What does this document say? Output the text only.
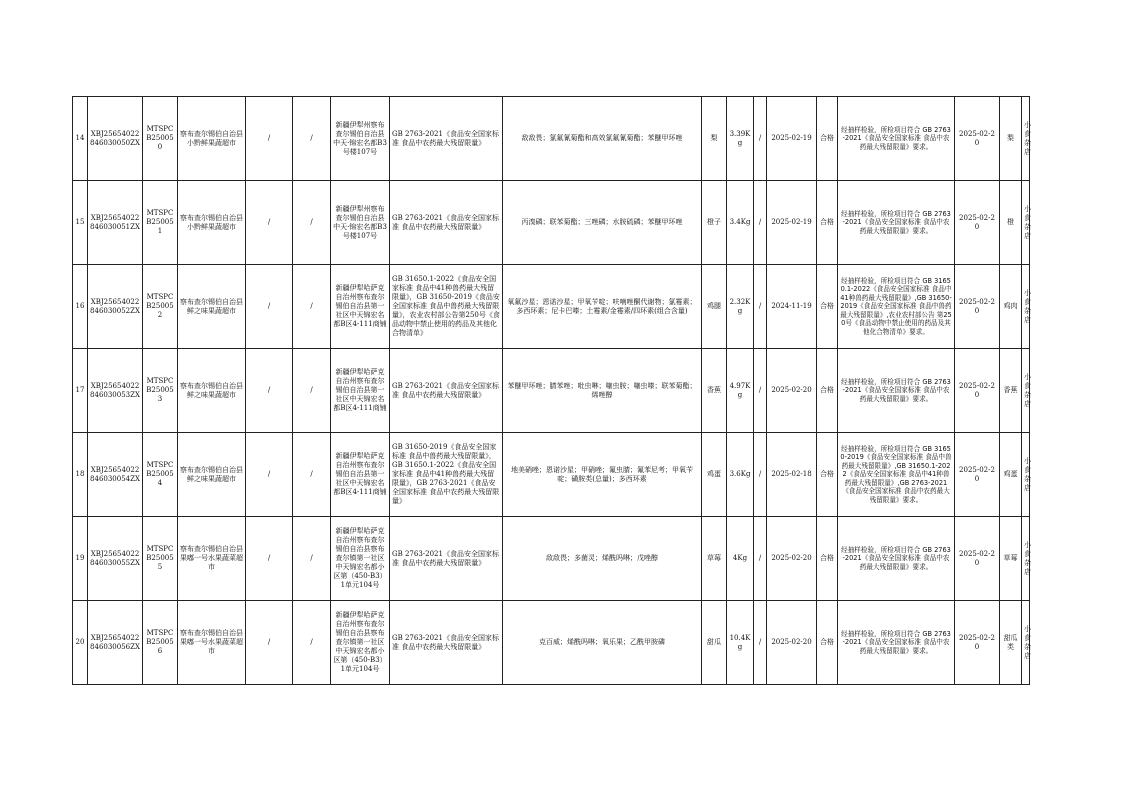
14	XBJ25654022846030050ZX	MTSPCB250050	察布查尔锡伯自治县小黔鲜果蔬超市	/	/	新疆伊犁州察布查尔锡伯自治县中天·锦宏名都B3号楼107号	GB 2763-2021《食品安全国家标准 食品中农药最大残留限量》	敌敌畏；氯氟氰菊酯和高效氯氟氰菊酯；苯醚甲环唑	梨	3.39Kg	/	2025-02-19	合格	经抽样检验，所检项目符合 GB 2763-2021《食品安全国家标准 食品中农药最大残留限量》要求。	2025-02-20	梨	小食杂店
15	XBJ25654022846030051ZX	MTSPCB250051	察布查尔锡伯自治县小黔鲜果蔬超市	/	/	新疆伊犁州察布查尔锡伯自治县中天·锦宏名都B3号楼107号	GB 2763-2021《食品安全国家标准 食品中农药最大残留限量》	丙溴磷；联苯菊酯；三唑磷；水胺硫磷；苯醚甲环唑	橙子	3.4Kg	/	2025-02-19	合格	经抽样检验，所检项目符合 GB 2763-2021《食品安全国家标准 食品中农药最大残留限量》要求。	2025-02-20	橙	小食杂店
16	XBJ25654022846030052ZX	MTSPCB250052	察布查尔锡伯自治县鲜之味果蔬超市	/	/	新疆伊犁哈萨克自治州察布查尔锡伯自治县第一社区中天锦宏名都B区4-111商铺	GB 31650.1-2022《食品安全国家标准 食品中41种兽药最大残留限量》，GB 31650-2019《食品安全国家标准 食品中兽药最大残留限量》，农业农村部公告第250号《食品动物中禁止使用的药品及其他化合物清单》	氧氟沙星；恩诺沙星；甲氧苄啶；呋喃唑酮代谢物；氯霉素；多西环素；尼卡巴嗪；土霉素/金霉素/四环素(组合含量)	鸡腿	2.32Kg	/	2024-11-19	合格	经抽样检验，所检项目符合 GB 31650.1-2022《食品安全国家标准 食品中41种兽药最大残留限量》,GB 31650-2019《食品安全国家标准 食品中兽药最大残留限量》,农业农村部公告 第250号《食品动物中禁止使用的药品及其他化合物清单》要求。	2025-02-20	鸡肉	小食杂店
17	XBJ25654022846030053ZX	MTSPCB250053	察布查尔锡伯自治县鲜之味果蔬超市	/	/	新疆伊犁哈萨克自治州察布查尔锡伯自治县第一社区中天锦宏名都B区4-111商铺	GB 2763-2021《食品安全国家标准 食品中农药最大残留限量》	苯醚甲环唑；腈苯唑；吡虫啉；噻虫胺；噻虫嗪；联苯菊酯；烯唑醇	香蕉	4.97Kg	/	2025-02-20	合格	经抽样检验，所检项目符合 GB 2763-2021《食品安全国家标准 食品中农药最大残留限量》要求。	2025-02-20	香蕉	小食杂店
18	XBJ25654022846030054ZX	MTSPCB250054	察布查尔锡伯自治县鲜之味果蔬超市	/	/	新疆伊犁哈萨克自治州察布查尔锡伯自治县第一社区中天锦宏名都B区4-111商铺	GB 31650-2019《食品安全国家标准 食品中兽药最大残留限量》，GB 31650.1-2022《食品安全国家标准 食品中41种兽药最大残留限量》，GB 2763-2021《食品安全国家标准 食品中农药最大残留限量》	地美硝唑；恩诺沙星；甲硝唑；氟虫腈；氟苯尼考；甲氧苄啶；磺胺类(总量)；多西环素	鸡蛋	3.6Kg	/	2025-02-18	合格	经抽样检验，所检项目符合 GB 31650-2019《食品安全国家标准 食品中兽药最大残留限量》,GB 31650.1-2022《食品安全国家标准 食品中41种兽药最大残留限量》,GB 2763-2021《食品安全国家标准 食品中农药最大残留限量》要求。	2025-02-20	鸡蛋	小食杂店
19	XBJ25654022846030055ZX	MTSPCB250055	察布查尔锡伯自治县果嘟一号水果蔬菜超市	/	/	新疆伊犁哈萨克自治州察布查尔锡伯自治县察布查尔镇第一社区中天锦宏名都小区第（450-B3）1单元104号	GB 2763-2021《食品安全国家标准 食品中农药最大残留限量》	敌敌畏；多菌灵；烯酰吗啉；戊唑醇	草莓	4Kg	/	2025-02-20	合格	经抽样检验，所检项目符合 GB 2763-2021《食品安全国家标准 食品中农药最大残留限量》要求。	2025-02-20	草莓	小食杂店
20	XBJ25654022846030056ZX	MTSPCB250056	察布查尔锡伯自治县果嘟一号水果蔬菜超市	/	/	新疆伊犁哈萨克自治州察布查尔锡伯自治县察布查尔镇第一社区中天锦宏名都小区第（450-B3）1单元104号	GB 2763-2021《食品安全国家标准 食品中农药最大残留限量》	克百威；烯酰吗啉；氧乐果；乙酰甲胺磷	甜瓜	10.4Kg	/	2025-02-20	合格	经抽样检验，所检项目符合 GB 2763-2021《食品安全国家标准 食品中农药最大残留限量》要求。	2025-02-20	甜瓜类	小食杂店
